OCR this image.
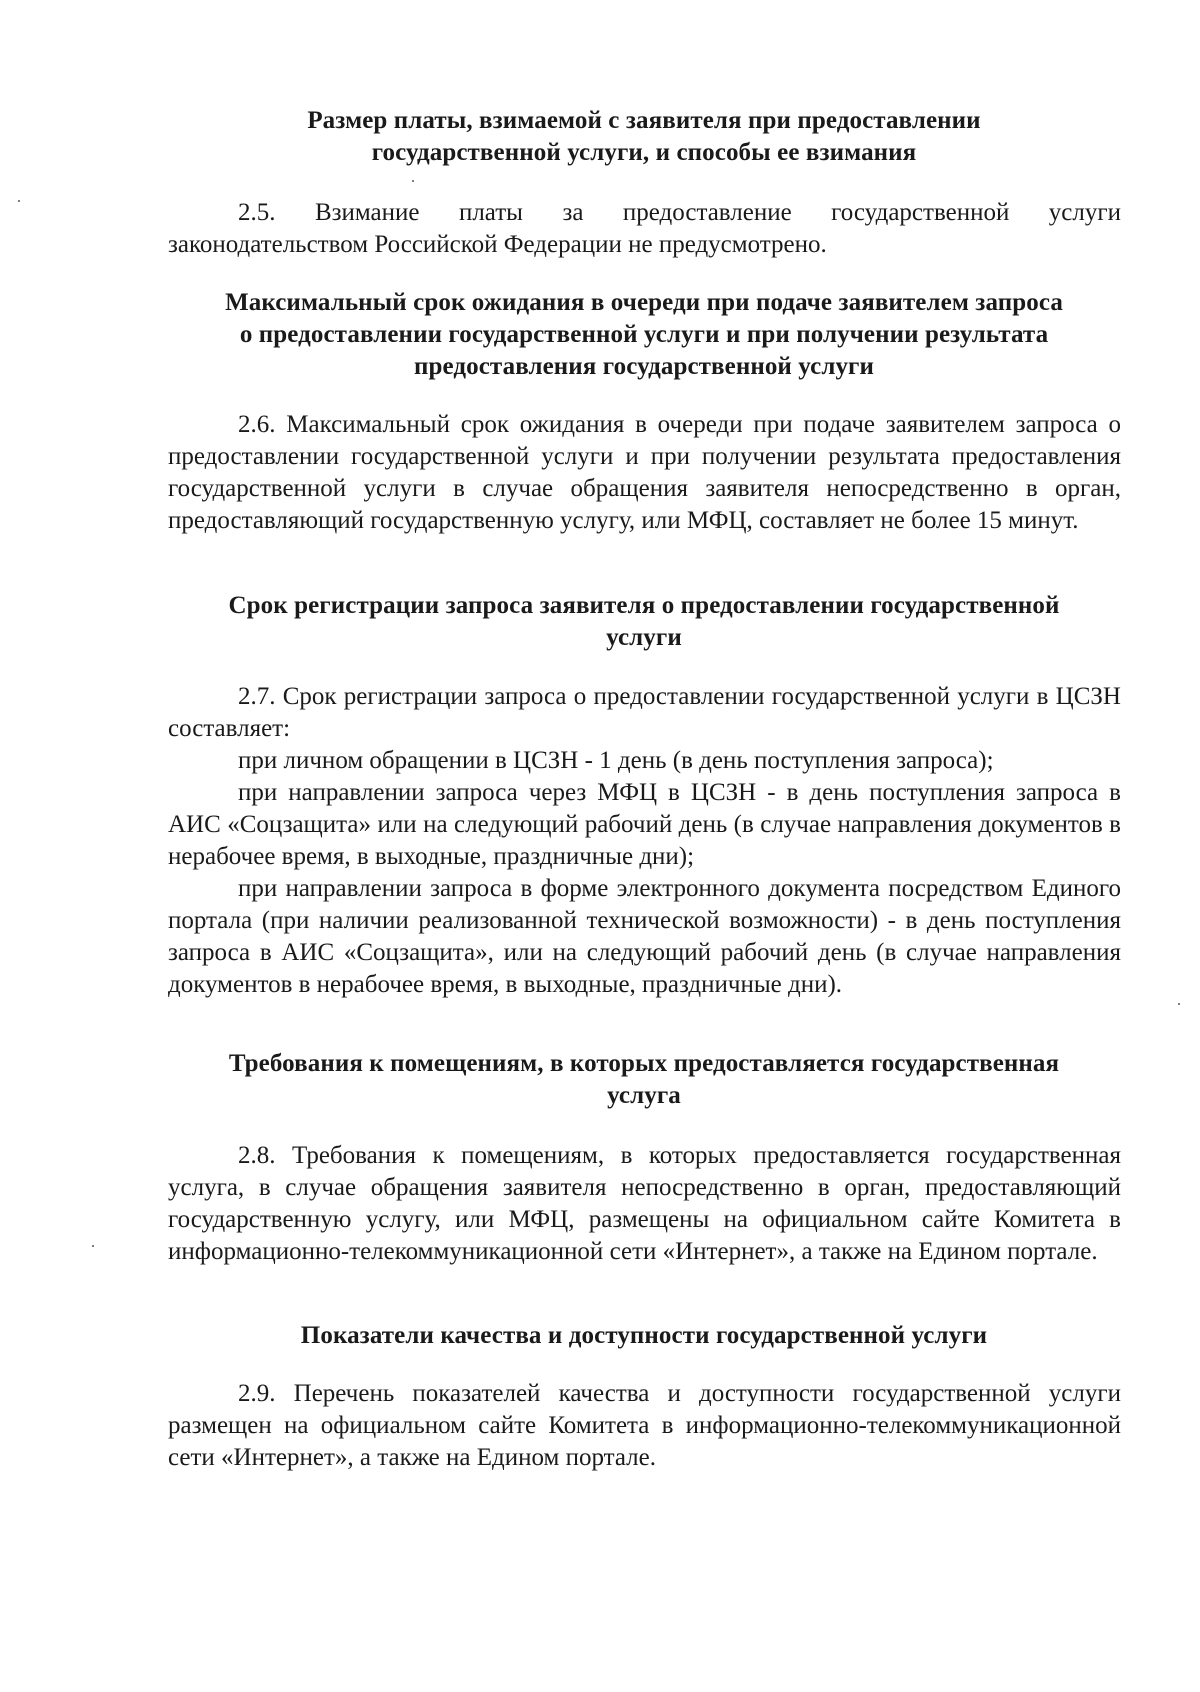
Размер платы, взимаемой с заявителя при предоставлении
государственной услуги, и способы ее взимания

2.5. Взимание платы за предоставление государственной услуги законодательством Российской Федерации не предусмотрено.

Максимальный срок ожидания в очереди при подаче заявителем запроса
о предоставлении государственной услуги и при получении результата
предоставления государственной услуги

2.6. Максимальный срок ожидания в очереди при подаче заявителем запроса о предоставлении государственной услуги и при получении результата предоставления государственной услуги в случае обращения заявителя непосредственно в орган, предоставляющий государственную услугу, или МФЦ, составляет не более 15 минут.

Срок регистрации запроса заявителя о предоставлении государственной
услуги

2.7. Срок регистрации запроса о предоставлении государственной услуги в ЦСЗН составляет:

при личном обращении в ЦСЗН - 1 день (в день поступления запроса);
при направлении запроса через МФЦ в ЦСЗН - в день поступления запроса в АИС «Соцзащита» или на следующий рабочий день (в случае направления документов в нерабочее время, в выходные, праздничные дни);
при направлении запроса в форме электронного документа посредством Единого портала (при наличии реализованной технической возможности) - в день поступления запроса в АИС «Соцзащита», или на следующий рабочий день (в случае направления документов в нерабочее время, в выходные, праздничные дни).
Требования к помещениям, в которых предоставляется государственная
услуга

2.8. Требования к помещениям, в которых предоставляется государственная услуга, в случае обращения заявителя непосредственно в орган, предоставляющий государственную услугу, или МФЦ, размещены на официальном сайте Комитета в информационно-телекоммуникационной сети «Интернет», а также на Едином портале.

Показатели качества и доступности государственной услуги

2.9. Перечень показателей качества и доступности государственной услуги размещен на официальном сайте Комитета в информационно-телекоммуникационной сети «Интернет», а также на Едином портале.
